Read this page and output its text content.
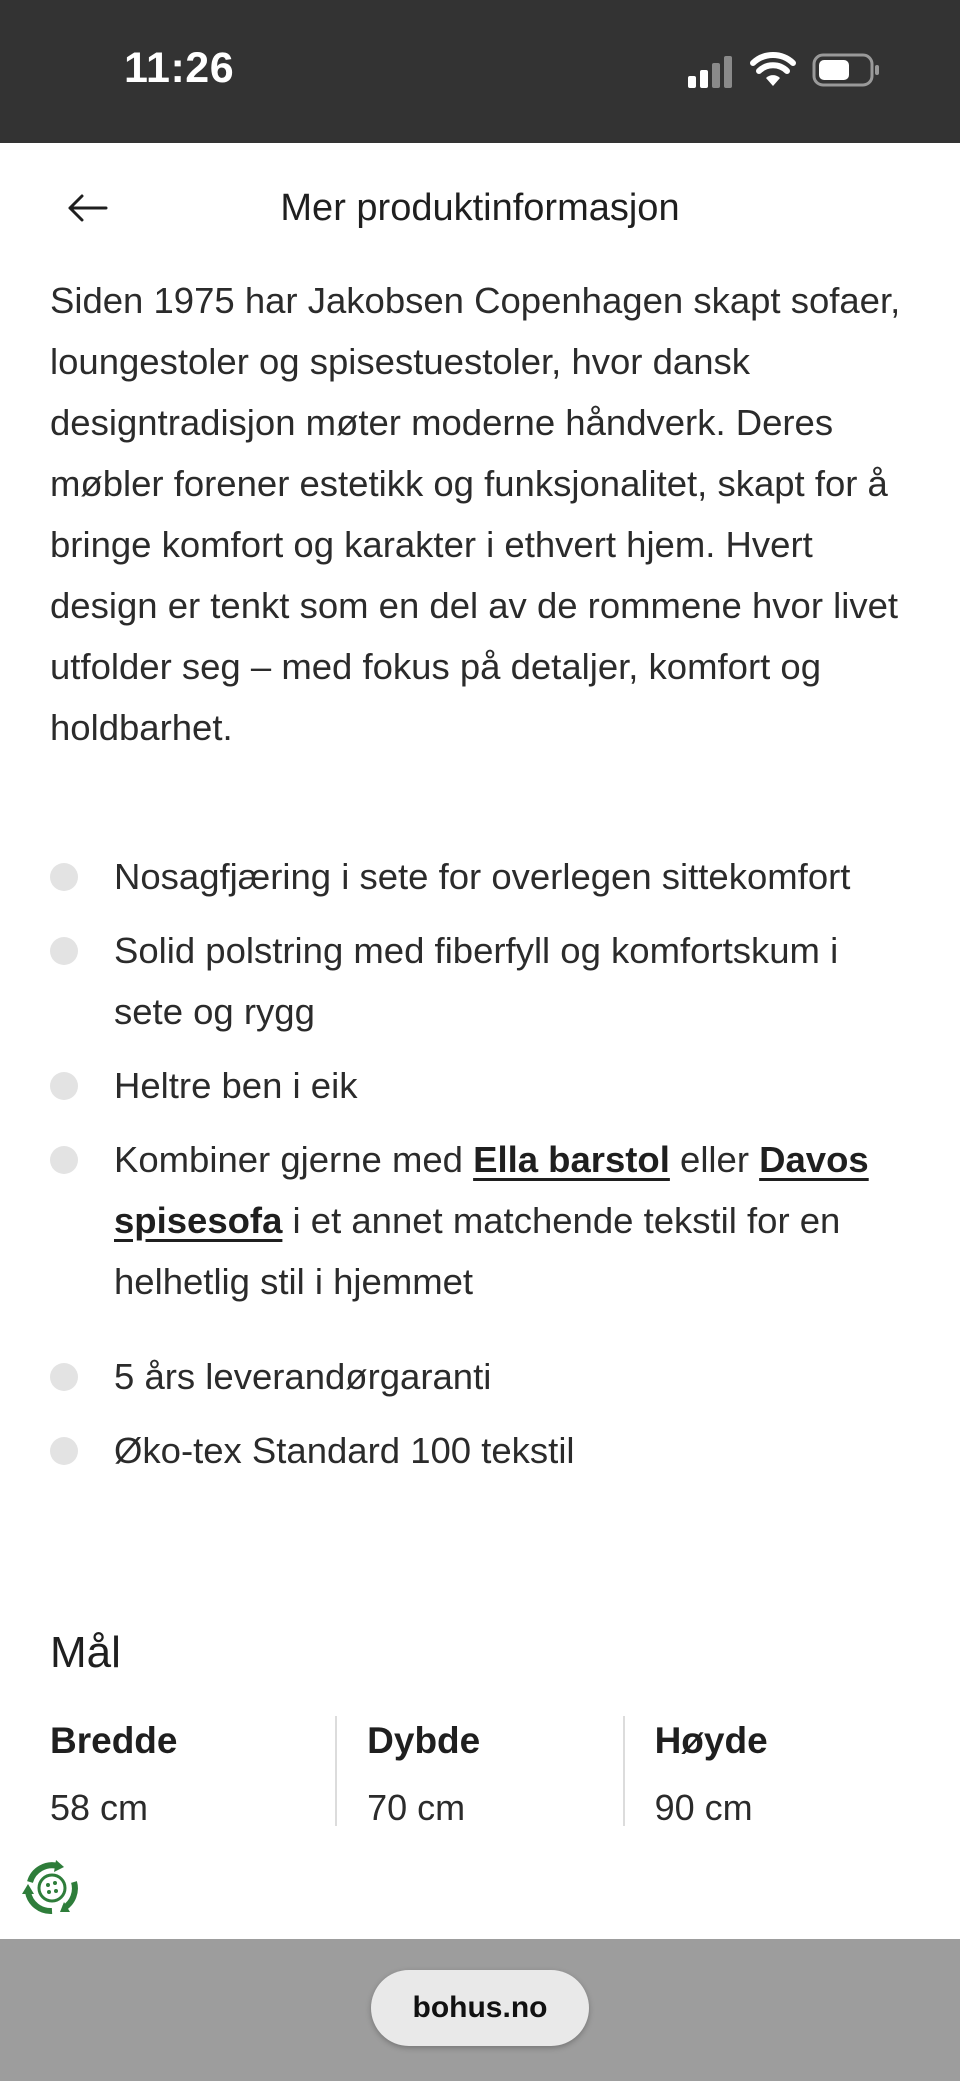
11:26
Mer produktinformasjon

Siden 1975 har Jakobsen Copenhagen skapt sofaer, loungestoler og spisestuestoler, hvor dansk designtradisjon møter moderne håndverk. Deres møbler forener estetikk og funksjonalitet, skapt for å bringe komfort og karakter i ethvert hjem. Hvert design er tenkt som en del av de rommene hvor livet utfolder seg – med fokus på detaljer, komfort og holdbarhet.

Nosagfjæring i sete for overlegen sittekomfort
Solid polstring med fiberfyll og komfortskum i sete og rygg
Heltre ben i eik
Kombiner gjerne med Ella barstol eller Davos spisesofa i et annet matchende tekstil for en helhetlig stil i hjemmet
5 års leverandørgaranti
Øko-tex Standard 100 tekstil
Mål
Bredde
58 cm
Dybde
70 cm
Høyde
90 cm
bohus.no
